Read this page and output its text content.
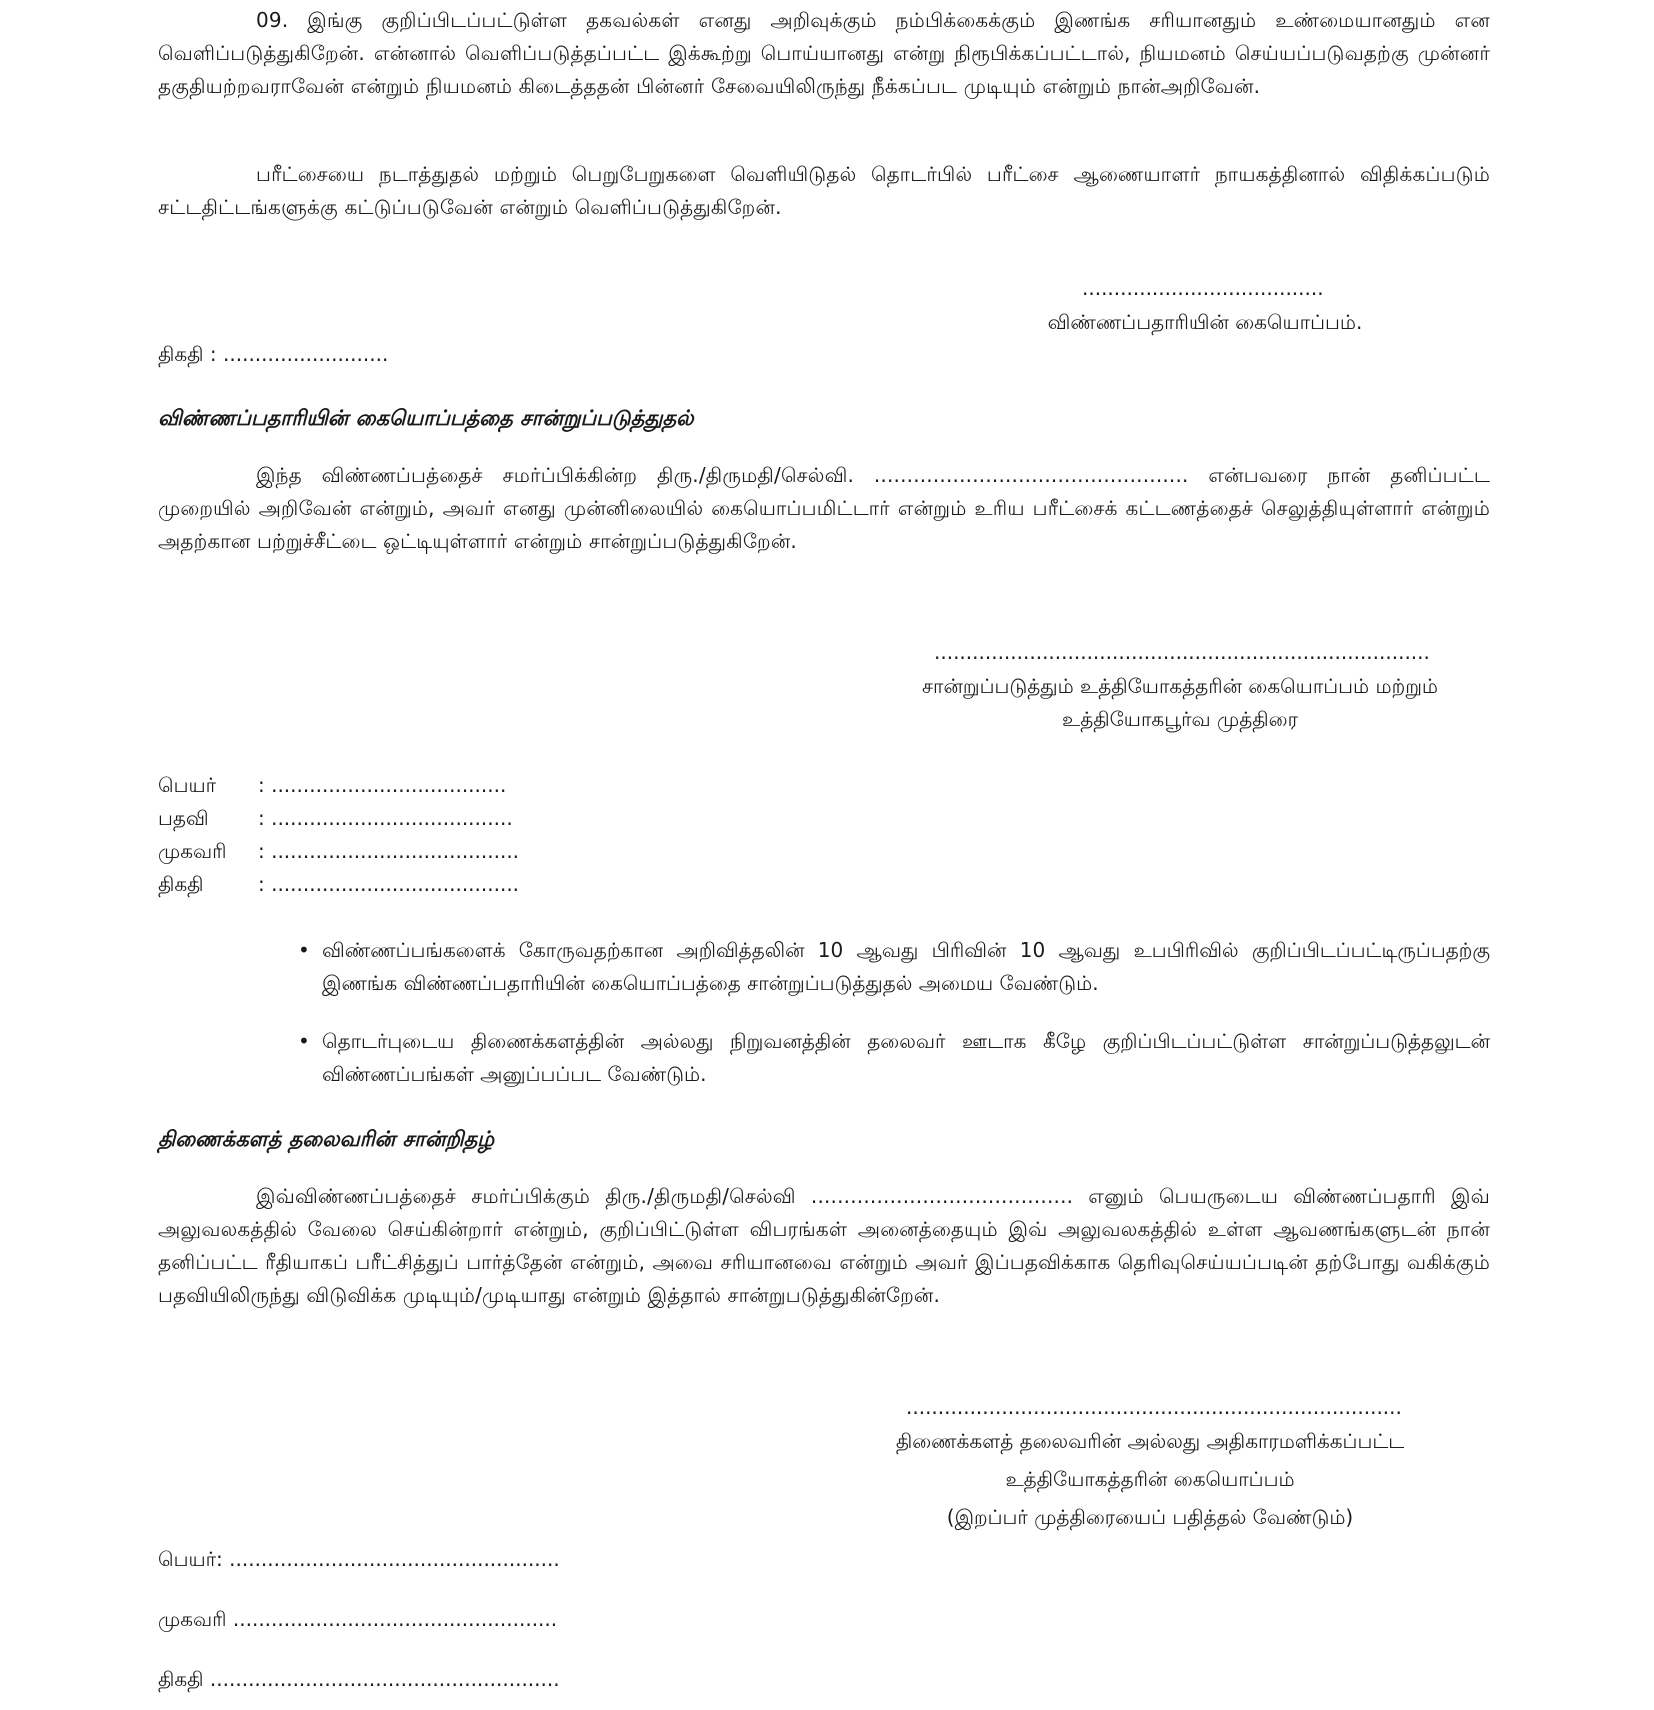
09. இங்கு குறிப்பிடப்பட்டுள்ள தகவல்கள் எனது அறிவுக்கும் நம்பிக்கைக்கும் இணங்க சரியானதும் உண்மையானதும் என வெளிப்படுத்துகிறேன். என்னால் வெளிப்படுத்தப்பட்ட இக்கூற்று பொய்யானது என்று நிரூபிக்கப்பட்டால், நியமனம் செய்யப்படுவதற்கு முன்னர் தகுதியற்றவராவேன் என்றும் நியமனம் கிடைத்ததன் பின்னர் சேவையிலிருந்து நீக்கப்பட முடியும் என்றும் நான்அறிவேன்.

பரீட்சையை நடாத்துதல் மற்றும் பெறுபேறுகளை வெளியிடுதல் தொடர்பில் பரீட்சை ஆணையாளர் நாயகத்தினால் விதிக்கப்படும் சட்டதிட்டங்களுக்கு கட்டுப்படுவேன் என்றும் வெளிப்படுத்துகிறேன்.

......................................
விண்ணப்பதாரியின் கையொப்பம்.
திகதி : ..........................
விண்ணப்பதாரியின் கையொப்பத்தை சான்றுப்படுத்துதல்

இந்த விண்ணப்பத்தைச் சமர்ப்பிக்கின்ற திரு./திருமதி/செல்வி. ................................................ என்பவரை நான் தனிப்பட்ட முறையில் அறிவேன் என்றும், அவர் எனது முன்னிலையில் கையொப்பமிட்டார் என்றும் உரிய பரீட்சைக் கட்டணத்தைச் செலுத்தியுள்ளார் என்றும் அதற்கான பற்றுச்சீட்டை ஒட்டியுள்ளார் என்றும் சான்றுப்படுத்துகிறேன்.

..............................................................................
சான்றுப்படுத்தும் உத்தியோகத்தரின் கையொப்பம் மற்றும்
உத்தியோகபூர்வ முத்திரை
பெயர் : .....................................
பதவி : ......................................
முகவரி : .......................................
திகதி	: .......................................
• விண்ணப்பங்களைக் கோருவதற்கான அறிவித்தலின் 10 ஆவது பிரிவின் 10 ஆவது உபபிரிவில் குறிப்பிடப்பட்டிருப்பதற்கு இணங்க விண்ணப்பதாரியின் கையொப்பத்தை சான்றுப்படுத்துதல் அமைய வேண்டும்.
• தொடர்புடைய திணைக்களத்தின் அல்லது நிறுவனத்தின் தலைவர் ஊடாக கீழே குறிப்பிடப்பட்டுள்ள சான்றுப்படுத்தலுடன் விண்ணப்பங்கள் அனுப்பப்பட வேண்டும்.
திணைக்களத் தலைவரின் சான்றிதழ்

இவ்விண்ணப்பத்தைச் சமர்ப்பிக்கும் திரு./திருமதி/செல்வி ........................................ எனும் பெயருடைய விண்ணப்பதாரி இவ் அலுவலகத்தில் வேலை செய்கின்றார் என்றும், குறிப்பிட்டுள்ள விபரங்கள் அனைத்தையும் இவ் அலுவலகத்தில் உள்ள ஆவணங்களுடன் நான் தனிப்பட்ட ரீதியாகப் பரீட்சித்துப் பார்த்தேன் என்றும், அவை சரியானவை என்றும் அவர் இப்பதவிக்காக தெரிவுசெய்யப்படின் தற்போது வகிக்கும் பதவியிலிருந்து விடுவிக்க முடியும்/முடியாது என்றும் இத்தால் சான்றுபடுத்துகின்றேன்.

..............................................................................
திணைக்களத் தலைவரின் அல்லது அதிகாரமளிக்கப்பட்ட
உத்தியோகத்தரின் கையொப்பம்
(இறப்பர் முத்திரையைப் பதித்தல் வேண்டும்)
பெயர்: ....................................................
முகவரி ...................................................
திகதி .......................................................
